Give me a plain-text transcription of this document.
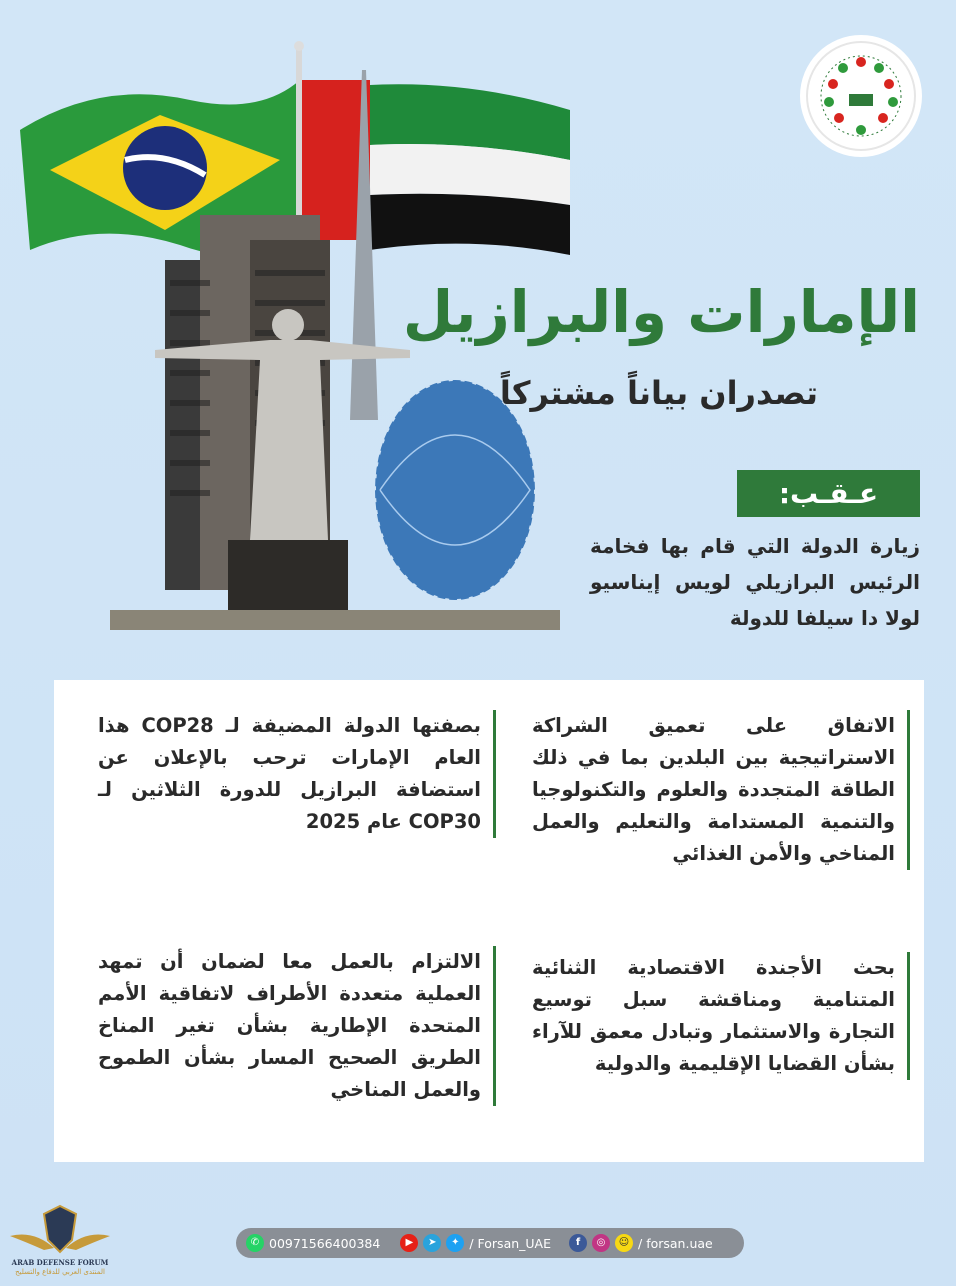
الإمارات والبرازيل
تصدران بياناً مشتركاً
عـقـب:
زيارة الدولة التي قام بها فخامة الرئيس البرازيلي لويس إيناسيو لولا دا سيلفا للدولة
الاتفاق على تعميق الشراكة الاستراتيجية بين البلدين بما في ذلك الطاقة المتجددة والعلوم والتكنولوجيا والتنمية المستدامة والتعليم والعمل المناخي والأمن الغذائي
بصفتها الدولة المضيفة لـ COP28 هذا العام الإمارات ترحب بالإعلان عن استضافة البرازيل للدورة الثلاثين لـ COP30 عام 2025
بحث الأجندة الاقتصادية الثنائية المتنامية ومناقشة سبل توسيع التجارة والاستثمار وتبادل معمق للآراء بشأن القضايا الإقليمية والدولية
الالتزام بالعمل معا لضمان أن تمهد العملية متعددة الأطراف لاتفاقية الأمم المتحدة الإطارية بشأن تغير المناخ الطريق الصحيح المسار بشأن الطموح والعمل المناخي
✆ 00971566400384	▶	➤	✦ / Forsan_UAE	f	◎	☺ / forsan.uae
ARAB DEFENSE FORUM
المنتدى العربي للدفاع والتسليح
